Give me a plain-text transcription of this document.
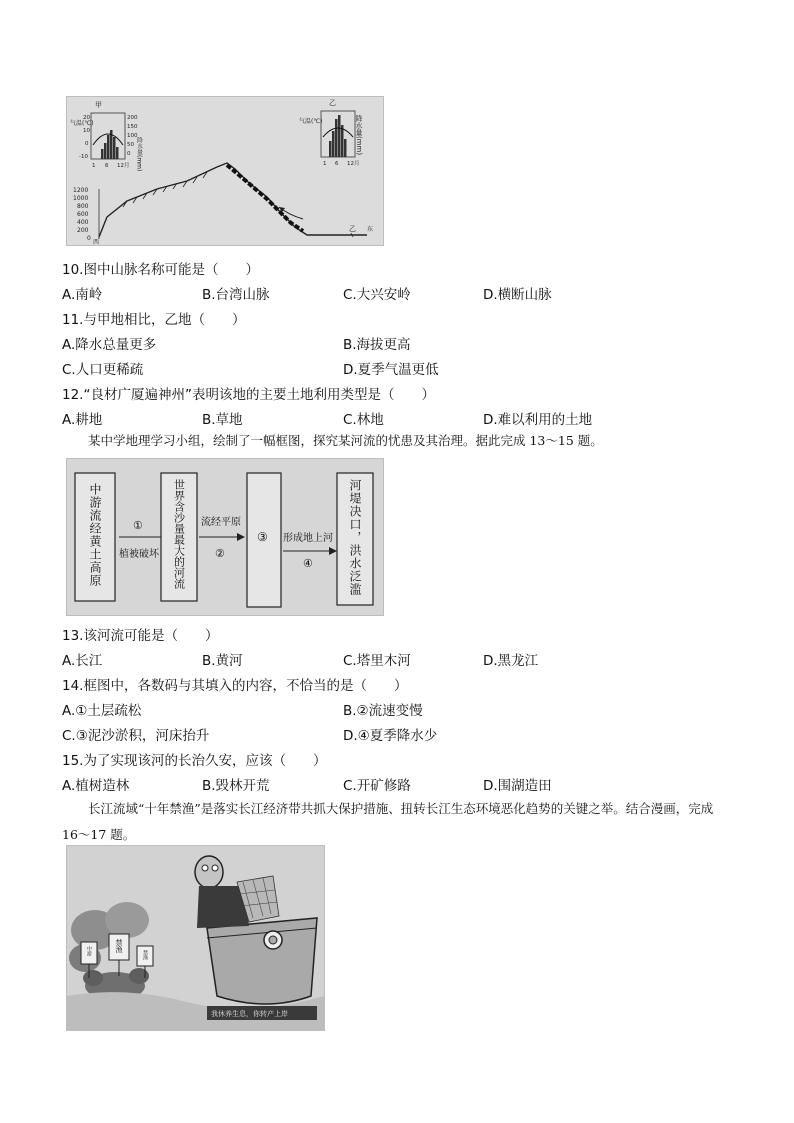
甲
气温(℃)
20
10
0
-10
200
150
100
50
0 降水量(mm)
1 6 12月
乙
气温(℃)	降水量(mm)
1 6 12月
1200
1000
800
600
400
200
0
西
乙 东
10.图中山脉名称可能是（　　）
A.南岭	B.台湾山脉	C.大兴安岭	D.横断山脉
11.与甲地相比，乙地（　　）
A.降水总量更多	B.海拔更高
C.人口更稀疏	D.夏季气温更低
12.“良材广厦遍神州”表明该地的主要土地利用类型是（　　）
A.耕地	B.草地	C.林地	D.难以利用的土地
某中学地理学习小组，绘制了一幅框图，探究某河流的忧患及其治理。据此完成 13～15 题。
中游流经黄土高原	①
植被破坏 世界含沙量最大的河流 流经平原
②
③ 形成地上河
④	河堤决口，洪水泛滥
13.该河流可能是（　　）
A.长江	B.黄河	C.塔里木河	D.黑龙江
14.框图中，各数码与其填入的内容，不恰当的是（　　）
A.①土层疏松	B.②流速变慢
C.③泥沙淤积，河床抬升	D.④夏季降水少
15.为了实现该河的长治久安，应该（　　）
A.植树造林	B.毁林开荒	C.开矿修路	D.围湖造田
长江流域“十年禁渔”是落实长江经济带共抓大保护措施、扭转长江生态环境恶化趋势的关键之举。结合漫画，完成 16～17 题。
中游	禁渔
禁渔
我休养生息，你转产上岸
